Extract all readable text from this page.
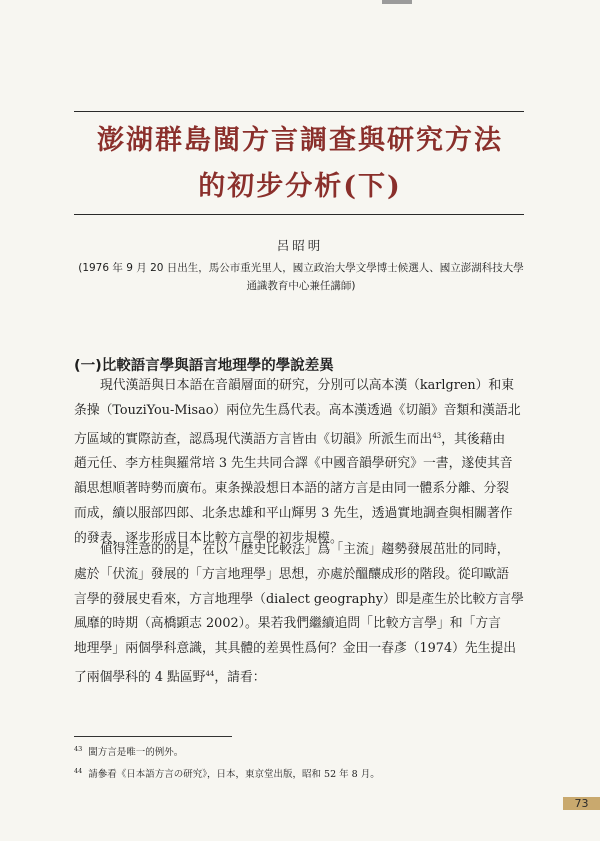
澎湖群島閩方言調查與研究方法
的初步分析(下)
呂昭明
(1976 年 9 月 20 日出生，馬公市重光里人，國立政治大學文學博士候選人、國立澎湖科技大學
通識教育中心兼任講師)
(一)比較語言學與語言地理學的學說差異
現代漢語與日本語在音韻層面的研究，分別可以高本漢（karlgren）和東
条操（TouziYou-Misao）兩位先生爲代表。高本漢透過《切韻》音類和漢語北
方區域的實際訪查，認爲現代漢語方言皆由《切韻》所派生而出$^{43}$，其後藉由
趙元任、李方桂與羅常培 3 先生共同合譯《中國音韻學研究》一書，遂使其音
韻思想順著時勢而廣布。東条操設想日本語的諸方言是由同一體系分離、分裂
而成，續以服部四郎、北条忠雄和平山輝男 3 先生，透過實地調查與相關著作
的發表，逐步形成日本比較方言學的初步規模。
値得注意的的是，在以「歷史比較法」爲「主流」趨勢發展茁壯的同時，
處於「伏流」發展的「方言地理學」思想，亦處於醞釀成形的階段。從印歐語
言學的發展史看來，方言地理學（dialect geography）即是產生於比較方言學
風靡的時期（高橋顕志 2002）。果若我們繼續追問「比較方言學」和「方言
地理學」兩個學科意識，其具體的差異性爲何？金田一春彥（1974）先生提出
了兩個學科的 4 點區野$^{44}$，請看：
$^{43}$ 閩方言是唯一的例外。
$^{44}$ 請參看《日本語方言の研究》，日本，東京堂出版，昭和 52 年 8 月。
73
